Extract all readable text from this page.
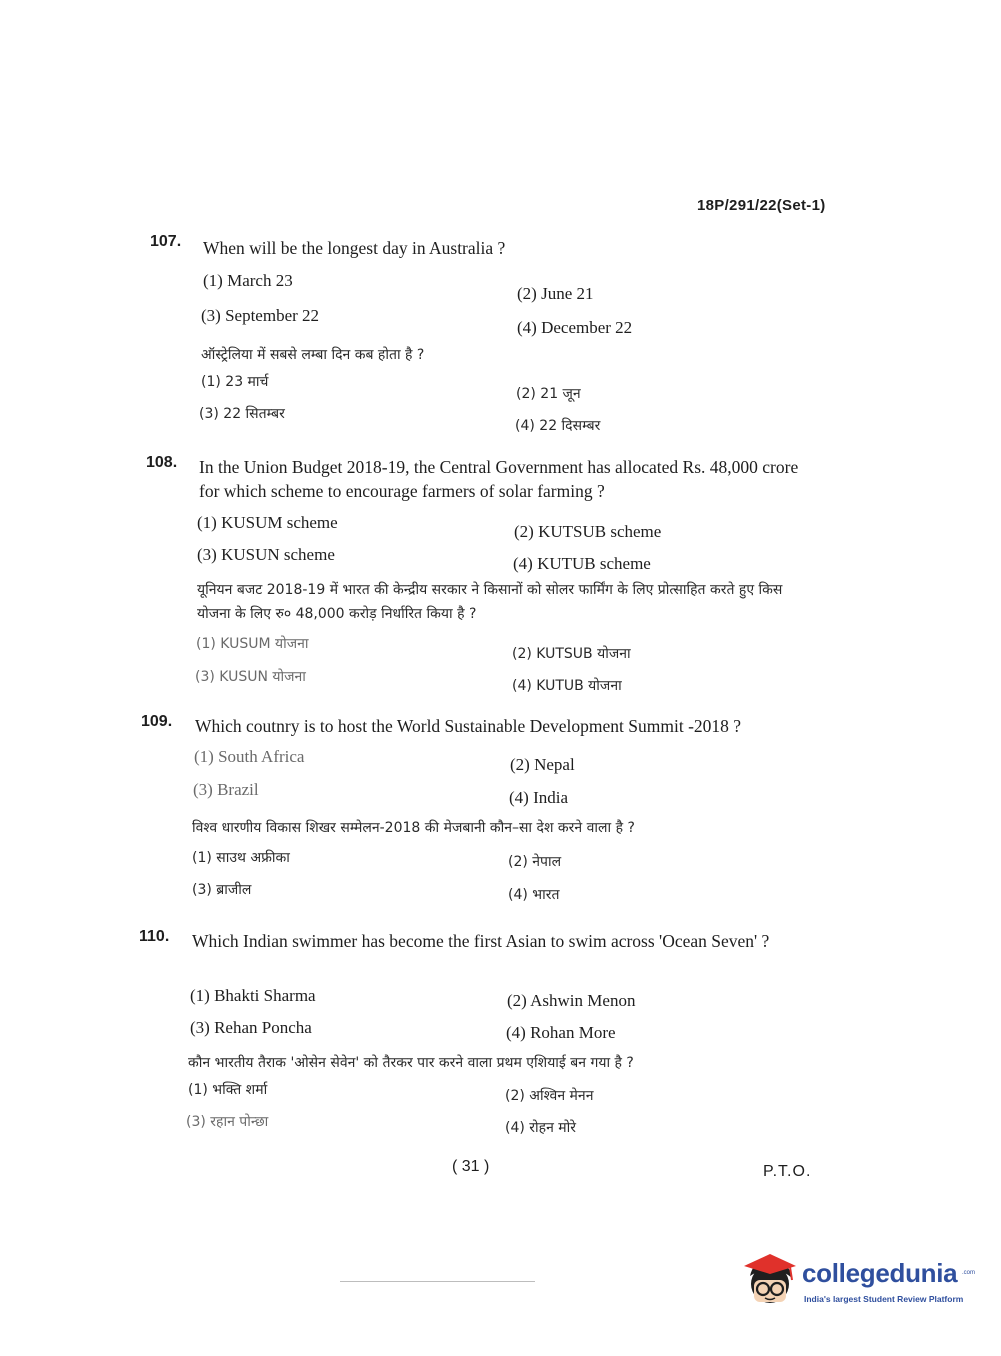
18P/291/22(Set-1)
107. When will be the longest day in Australia ?
(1) March 23
(2) June 21
(3) September 22
(4) December 22
ऑस्ट्रेलिया में सबसे लम्बा दिन कब होता है ?
(1) 23 मार्च
(2) 21 जून
(3) 22 सितम्बर
(4) 22 दिसम्बर
108. In the Union Budget 2018-19, the Central Government has allocated Rs. 48,000 crore for which scheme to encourage farmers of solar farming ?
(1) KUSUM scheme	(2) KUTSUB scheme
(3) KUSUN scheme	(4) KUTUB scheme
यूनियन बजट 2018-19 में भारत की केन्द्रीय सरकार ने किसानों को सोलर फार्मिंग के लिए प्रोत्साहित करते हुए किस योजना के लिए रु० 48,000 करोड़ निर्धारित किया है ?
(1) KUSUM योजना
(2) KUTSUB योजना
(3) KUSUN योजना
(4) KUTUB योजना
109. Which coutnry is to host the World Sustainable Development Summit -2018 ?
(1) South Africa	(2) Nepal
(3) Brazil	(4) India
विश्व धारणीय विकास शिखर सम्मेलन-2018 की मेजबानी कौन–सा देश करने वाला है ?
(1) साउथ अफ्रीका	(2) नेपाल
(3) ब्राजील	(4) भारत
110. Which Indian swimmer has become the first Asian to swim across 'Ocean Seven' ?
(1) Bhakti Sharma	(2) Ashwin Menon
(3) Rehan Poncha	(4) Rohan More
कौन भारतीय तैराक 'ओसेन सेवेन' को तैरकर पार करने वाला प्रथम एशियाई बन गया है ?
(1) भक्ति शर्मा	(2) अश्विन मेनन
(3) रहान पोन्छा	(4) रोहन मोरे
( 31 )	P.T.O.
collegedunia .com
India's largest Student Review Platform
